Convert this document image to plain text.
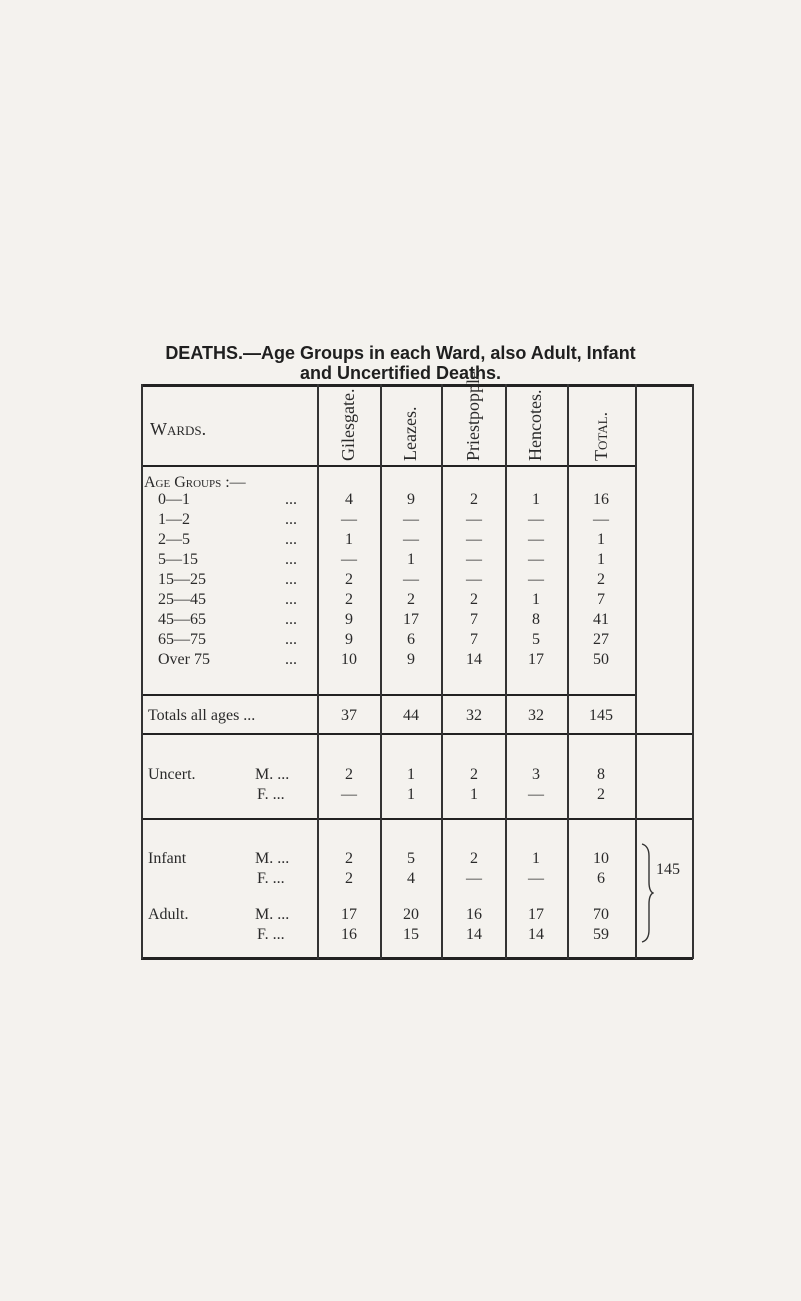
DEATHS.—Age Groups in each Ward, also Adult, Infant
and Uncertified Deaths.
Wards.	Gilesgate. Leazes. Priestpopple. Hencotes.	Total.
Age Groups :—
0—1	...	4	9	2	1	16
1—2	...	—	—	—	—	—
2—5	...	1	—	—	—	1
5—15	...	—	1	—	—	1
15—25	...	2	—	—	—	2
25—45	...	2	2	2	1	7
45—65	...	9	17	7	8	41
65—75	...	9	6	7	5	27
Over 75	...	10	9	14	17	50
Totals all ages ...	37	44	32	32	145
Uncert.	M. ...	2	1	2	3	8
F. ...	—	1	1	—	2
Infant	M. ...	2	5	2	1	10
F. ...	2	4	—	—	6
Adult.	M. ...	17	20	16	17	70
F. ...	16	15	14	14	59
145
